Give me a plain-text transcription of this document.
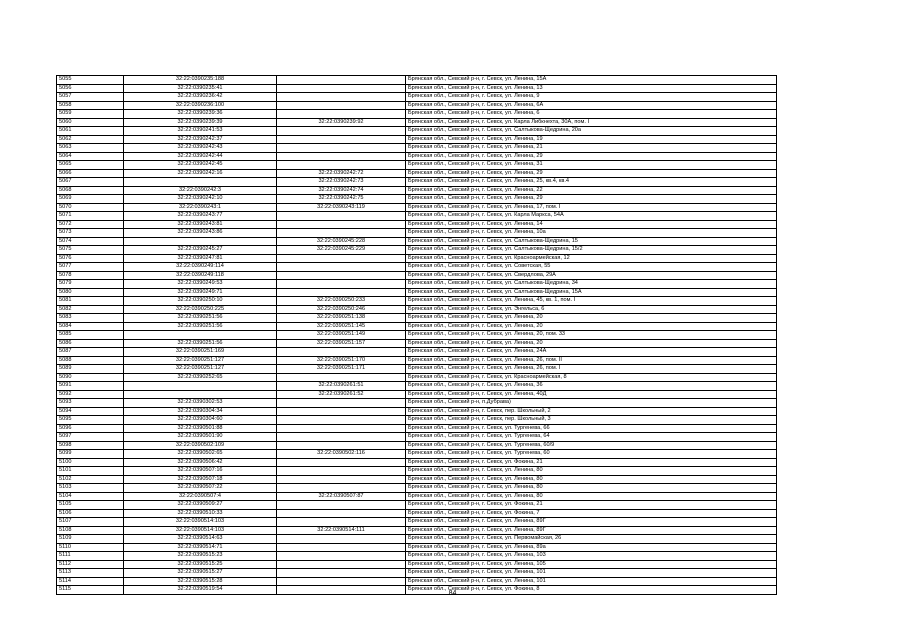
5055	32:22:0390235:188		Брянская обл., Севский р-н, г. Севск, ул. Ленина, 15А
5056	32:22:0390235:41		Брянская обл., Севский р-н, г. Севск, ул. Ленина, 13
5057	32:22:0390236:42		Брянская обл., Севский р-н, г. Севск, ул. Ленина, 9
5058	32:22:0390236:100		Брянская обл., Севский р-н, г. Севск, ул. Ленина, 6А
5059	32:22:0390239:36		Брянская обл., Севский р-н, г. Севск, ул. Ленина, 6
5060	32:22:0390239:39	32:22:0390239:92	Брянская обл., Севский р-н, г. Севск, ул. Карла Либкнехта, 30А, пом. I
5061	32:22:0390241:53		Брянская обл., Севский р-н, г. Севск, ул. Салтыкова-Щедрина, 20а
5062	32:22:0390242:37		Брянская обл., Севский р-н, г. Севск, ул. Ленина, 19
5063	32:22:0390242:43		Брянская обл., Севский р-н, г. Севск, ул. Ленина, 21
5064	32:22:0390242:44		Брянская обл., Севский р-н, г. Севск, ул. Ленина, 29
5065	32:22:0390242:45		Брянская обл., Севский р-н, г. Севск, ул. Ленина, 31
5066	32:22:0390242:16	32:22:0390242:72	Брянская обл., Севский р-н, г. Севск, ул. Ленина, 29
5067		32:22:0390242:73	Брянская обл., Севский р-н, г. Севск, ул. Ленина, 25, кв.4, кв.4
5068	32:22:0390242:3	32:22:0390242:74	Брянская обл., Севский р-н, г. Севск, ул. Ленина, 22
5069	32:22:0390242:10	32:22:0390242:75	Брянская обл., Севский р-н, г. Севск, ул. Ленина, 29
5070	32:22:0390243:1	32:22:0390243:119	Брянская обл., Севский р-н, г. Севск, ул. Ленина, 17, пом. I
5071	32:22:0390243:77		Брянская обл., Севский р-н, г. Севск, ул. Карла Маркса, 54А
5072	32:22:0390243:81		Брянская обл., Севский р-н, г. Севск, ул. Ленина, 14
5073	32:22:0390243:86		Брянская обл., Севский р-н, г. Севск, ул. Ленина, 10а
5074		32:22:0390245:228	Брянская обл., Севский р-н, г. Севск, ул. Салтыкова-Щедрина, 15
5075	32:22:0390245:27	32:22:0390245:229	Брянская обл., Севский р-н, г. Севск, ул. Салтыкова-Щедрина, 15/2
5076	32:22:0390247:81		Брянская обл., Севский р-н, г. Севск, ул. Красноармейская, 12
5077	32:22:0390249:114		Брянская обл., Севский р-н, г. Севск, ул. Советская, 55
5078	32:22:0390249:118		Брянская обл., Севский р-н, г. Севск, ул. Свердлова, 29А
5079	32:22:0390249:53		Брянская обл., Севский р-н, г. Севск, ул. Салтыкова-Щедрина, 34
5080	32:22:0390249:71		Брянская обл., Севский р-н, г. Севск, ул. Салтыкова-Щедрина, 15А
5081	32:22:0390250:10	32:22:0390250:233	Брянская обл., Севский р-н, г. Севск, ул. Ленина, 45, кв. 1, пом. I
5082	32:22:0390250:225	32:22:0390250:246	Брянская обл., Севский р-н, г. Севск, ул. Энгельса, 6
5083	32:22:0390251:56	32:22:0390251:138	Брянская обл., Севский р-н, г. Севск, ул. Ленина, 20
5084	32:22:0390251:56	32:22:0390251:145	Брянская обл., Севский р-н, г. Севск, ул. Ленина, 20
5085		32:22:0390251:149	Брянская обл., Севский р-н, г. Севск, ул. Ленина, 20, пом. 33
5086	32:22:0390251:56	32:22:0390251:157	Брянская обл., Севский р-н, г. Севск, ул. Ленина, 20
5087	32:22:0390251:169		Брянская обл., Севский р-н, г. Севск, ул. Ленина, 24А
5088	32:22:0390251:127	32:22:0390251:170	Брянская обл., Севский р-н, г. Севск, ул. Ленина, 26, пом. II
5089	32:22:0390251:127	32:22:0390251:171	Брянская обл., Севский р-н, г. Севск, ул. Ленина, 26, пом. I
5090	32:22:0390252:65		Брянская обл., Севский р-н, г. Севск, ул. Красноармейская, 8
5091		32:22:0390261:51	Брянская обл., Севский р-н, г. Севск, ул. Ленина, 36
5092		32:22:0390261:52	Брянская обл., Севский р-н, г. Севск, ул. Ленина, 40Д
5093	32:22:0390302:53		Брянская обл., Севский р-н, п.Дубрава)
5094	32:22:0390304:34		Брянская обл., Севский р-н, г. Севск, пер. Школьный, 2
5095	32:22:0390304:60		Брянская обл., Севский р-н, г. Севск, пер. Школьный, 3
5096	32:22:0390501:88		Брянская обл., Севский р-н, г. Севск, ул. Тургенева, 66
5097	32:22:0390501:90		Брянская обл., Севский р-н, г. Севск, ул. Тургенева, 64
5098	32:22:0390502:109		Брянская обл., Севский р-н, г. Севск, ул. Тургенева, 60/9
5099	32:22:0390502:65	32:22:0390502:116	Брянская обл., Севский р-н, г. Севск, ул. Тургенева, 60
5100	32:22:0390506:42		Брянская обл., Севский р-н, г. Севск, ул. Фокина, 21
5101	32:22:0390507:16		Брянская обл., Севский р-н, г. Севск, ул. Ленина, 80
5102	32:22:0390507:18		Брянская обл., Севский р-н, г. Севск, ул. Ленина, 80
5103	32:22:0390507:22		Брянская обл., Севский р-н, г. Севск, ул. Ленина, 80
5104	32:22:0390507:4	32:22:0390507:87	Брянская обл., Севский р-н, г. Севск, ул. Ленина, 80
5105	32:22:0390509:27		Брянская обл., Севский р-н, г. Севск, ул. Фокина, 21
5106	32:22:0390510:33		Брянская обл., Севский р-н, г. Севск, ул. Фокина, 7
5107	32:22:0390514:103		Брянская обл., Севский р-н, г. Севск, ул. Ленина, 89Г
5108	32:22:0390514:103	32:22:0390514:111	Брянская обл., Севский р-н, г. Севск, ул. Ленина, 89Г
5109	32:22:0390514:63		Брянская обл., Севский р-н, г. Севск, ул. Первомайская, 26
5110	32:22:0390514:71		Брянская обл., Севский р-н, г. Севск, ул. Ленина, 89а
5111	32:22:0390515:23		Брянская обл., Севский р-н, г. Севск, ул. Ленина, 103
5112	32:22:0390515:25		Брянская обл., Севский р-н, г. Севск, ул. Ленина, 105
5113	32:22:0390515:27		Брянская обл., Севский р-н, г. Севск, ул. Ленина, 101
5114	32:22:0390515:28		Брянская обл., Севский р-н, г. Севск, ул. Ленина, 101
5115	32:22:0390519:54		Брянская обл., Севский р-н, г. Севск, ул. Фокина, 8
84
